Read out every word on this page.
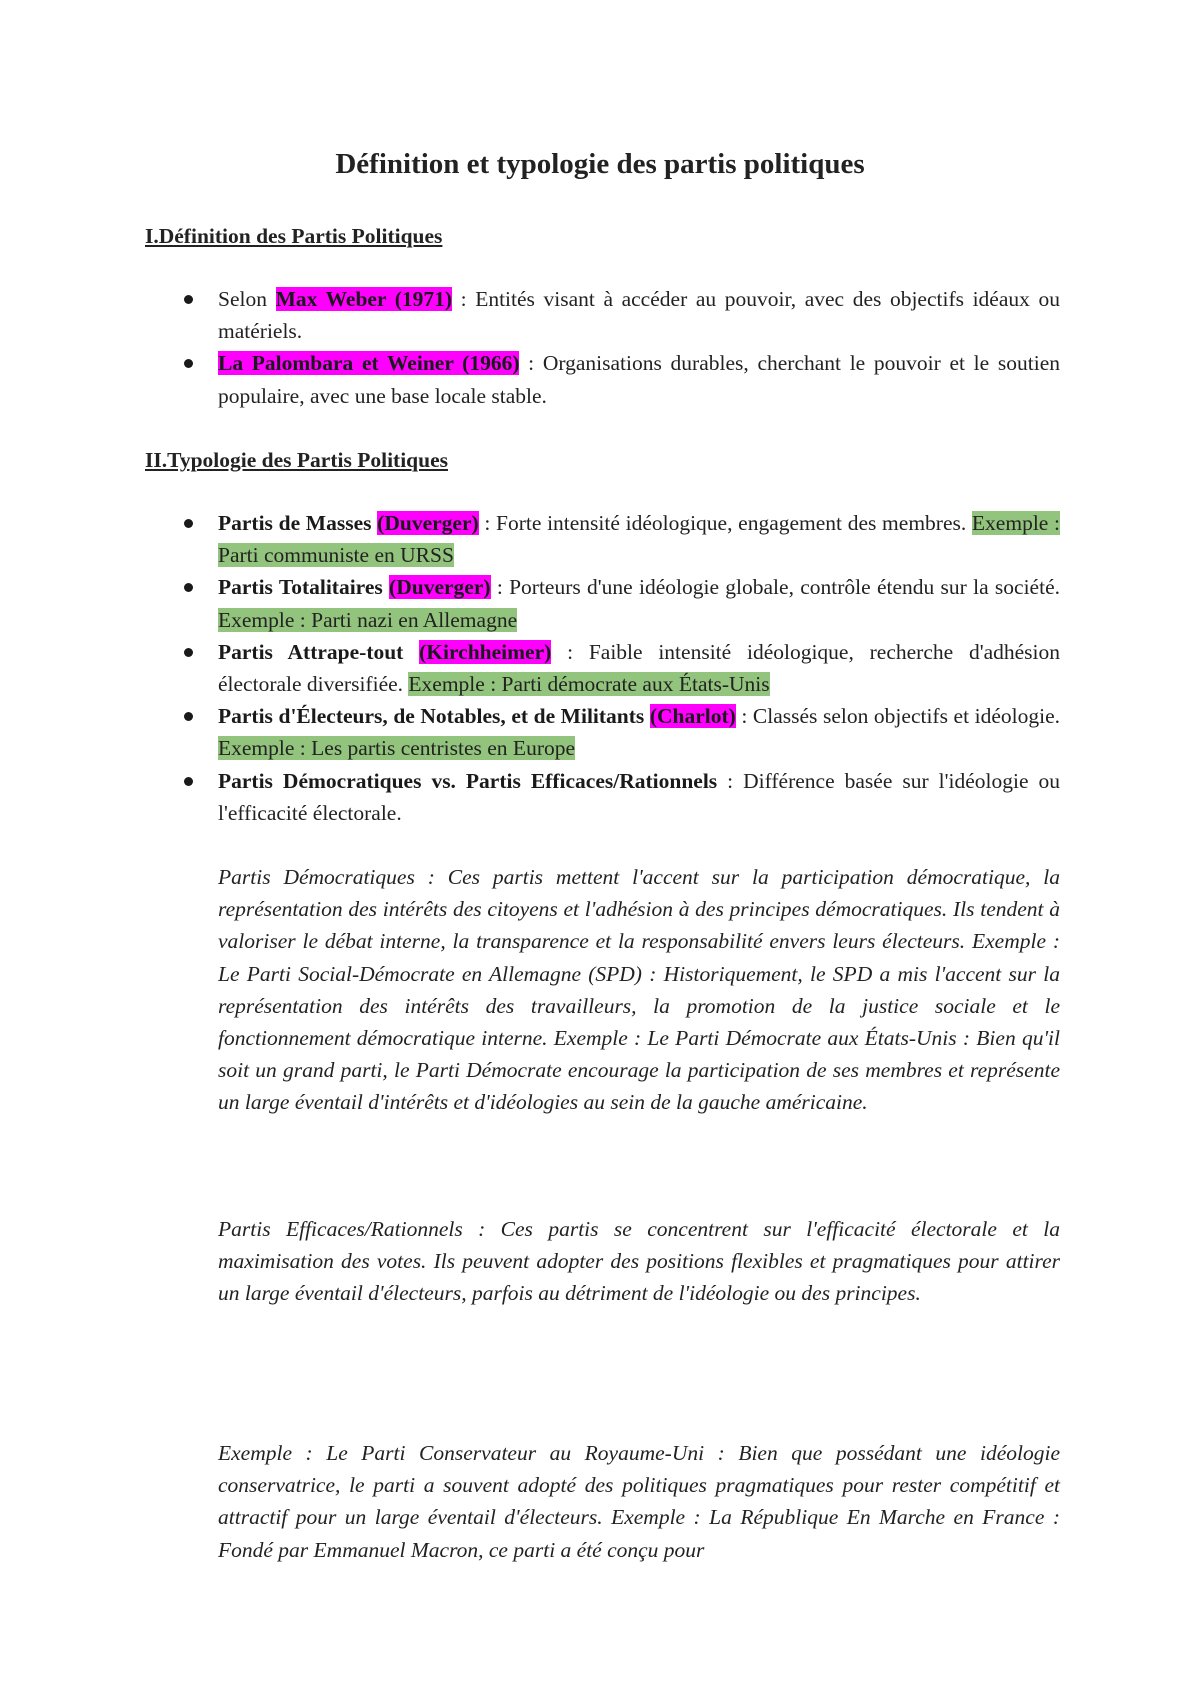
Définition et typologie des partis politiques
I.Définition des Partis Politiques
Selon Max Weber (1971) : Entités visant à accéder au pouvoir, avec des objectifs idéaux ou matériels.
La Palombara et Weiner (1966) : Organisations durables, cherchant le pouvoir et le soutien populaire, avec une base locale stable.
II.Typologie des Partis Politiques
Partis de Masses (Duverger) : Forte intensité idéologique, engagement des membres. Exemple : Parti communiste en URSS
Partis Totalitaires (Duverger) : Porteurs d'une idéologie globale, contrôle étendu sur la société. Exemple : Parti nazi en Allemagne
Partis Attrape-tout (Kirchheimer) : Faible intensité idéologique, recherche d'adhésion électorale diversifiée. Exemple : Parti démocrate aux États-Unis
Partis d'Électeurs, de Notables, et de Militants (Charlot) : Classés selon objectifs et idéologie. Exemple : Les partis centristes en Europe
Partis Démocratiques vs. Partis Efficaces/Rationnels : Différence basée sur l'idéologie ou l'efficacité électorale.

Partis Démocratiques : Ces partis mettent l'accent sur la participation démocratique, la représentation des intérêts des citoyens et l'adhésion à des principes démocratiques. Ils tendent à valoriser le débat interne, la transparence et la responsabilité envers leurs électeurs. Exemple : Le Parti Social-Démocrate en Allemagne (SPD) : Historiquement, le SPD a mis l'accent sur la représentation des intérêts des travailleurs, la promotion de la justice sociale et le fonctionnement démocratique interne. Exemple : Le Parti Démocrate aux États-Unis : Bien qu'il soit un grand parti, le Parti Démocrate encourage la participation de ses membres et représente un large éventail d'intérêts et d'idéologies au sein de la gauche américaine.

Partis Efficaces/Rationnels : Ces partis se concentrent sur l'efficacité électorale et la maximisation des votes. Ils peuvent adopter des positions flexibles et pragmatiques pour attirer un large éventail d'électeurs, parfois au détriment de l'idéologie ou des principes.

Exemple : Le Parti Conservateur au Royaume-Uni : Bien que possédant une idéologie conservatrice, le parti a souvent adopté des politiques pragmatiques pour rester compétitif et attractif pour un large éventail d'électeurs. Exemple : La République En Marche en France : Fondé par Emmanuel Macron, ce parti a été conçu pour
